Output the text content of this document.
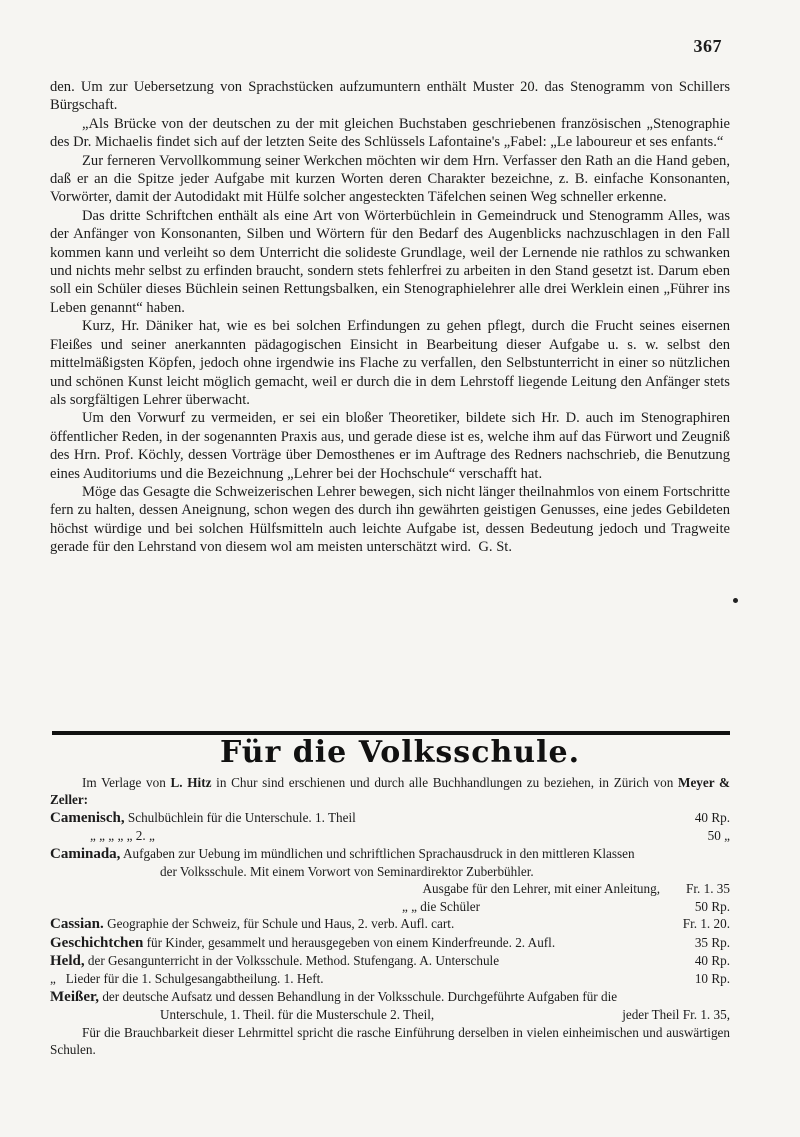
367

den. Um zur Uebersetzung von Sprachstücken aufzumuntern enthält Muster 20. das Stenogramm von Schillers Bürgschaft.

„Als Brücke von der deutschen zu der mit gleichen Buchstaben geschriebenen französischen „Stenographie des Dr. Michaelis findet sich auf der letzten Seite des Schlüssels Lafontaine's „Fabel: „Le laboureur et ses enfants.“

Zur ferneren Vervollkommung seiner Werkchen möchten wir dem Hrn. Verfasser den Rath an die Hand geben, daß er an die Spitze jeder Aufgabe mit kurzen Worten deren Charakter bezeichne, z. B. einfache Konsonanten, Vorwörter, damit der Autodidakt mit Hülfe solcher angesteckten Täfelchen seinen Weg schneller erkenne.

Das dritte Schriftchen enthält als eine Art von Wörterbüchlein in Gemeindruck und Stenogramm Alles, was der Anfänger von Konsonanten, Silben und Wörtern für den Bedarf des Augenblicks nachzuschlagen in den Fall kommen kann und verleiht so dem Unterricht die solideste Grundlage, weil der Lernende nie rathlos zu schwanken und nichts mehr selbst zu erfinden braucht, sondern stets fehlerfrei zu arbeiten in den Stand gesetzt ist. Darum eben soll ein Schüler dieses Büchlein seinen Rettungsbalken, ein Stenographielehrer alle drei Werklein einen „Führer ins Leben genannt“ haben.

Kurz, Hr. Däniker hat, wie es bei solchen Erfindungen zu gehen pflegt, durch die Frucht seines eisernen Fleißes und seiner anerkannten pädagogischen Einsicht in Bearbeitung dieser Aufgabe u. s. w. selbst den mittelmäßigsten Köpfen, jedoch ohne irgendwie ins Flache zu verfallen, den Selbstunterricht in einer so nützlichen und schönen Kunst leicht möglich gemacht, weil er durch die in dem Lehrstoff liegende Leitung den Anfänger stets als sorgfältigen Lehrer überwacht.

Um den Vorwurf zu vermeiden, er sei ein bloßer Theoretiker, bildete sich Hr. D. auch im Stenographiren öffentlicher Reden, in der sogenannten Praxis aus, und gerade diese ist es, welche ihm auf das Fürwort und Zeugniß des Hrn. Prof. Köchly, dessen Vorträge über Demosthenes er im Auftrage des Redners nachschrieb, die Benutzung eines Auditoriums und die Bezeichnung „Lehrer bei der Hochschule“ verschafft hat.

Möge das Gesagte die Schweizerischen Lehrer bewegen, sich nicht länger theilnahmlos von einem Fortschritte fern zu halten, dessen Aneignung, schon wegen des durch ihn gewährten geistigen Genusses, eine jedes Gebildeten höchst würdige und bei solchen Hülfsmitteln auch leichte Aufgabe ist, dessen Bedeutung jedoch und Tragweite gerade für den Lehrstand von diesem wol am meisten unterschätzt wird. G. St.

Für die Volksschule.
Im Verlage von L. Hitz in Chur sind erschienen und durch alle Buchhandlungen zu beziehen, in Zürich von Meyer & Zeller:
Camenisch, Schulbüchlein für die Unterschule. 1. Theil	40 Rp.
„ „ „ „ „ 2. „	50 „
Caminada, Aufgaben zur Uebung im mündlichen und schriftlichen Sprachausdruck in den mittleren Klassen
der Volksschule. Mit einem Vorwort von Seminardirektor Zuberbühler.
Ausgabe für den Lehrer, mit einer Anleitung,	Fr. 1. 35
„ „ die Schüler	50 Rp.
Cassian. Geographie der Schweiz, für Schule und Haus, 2. verb. Aufl. cart.	Fr. 1. 20.
Geschichtchen für Kinder, gesammelt und herausgegeben von einem Kinderfreunde. 2. Aufl.	35 Rp.
Held, der Gesangunterricht in der Volksschule. Method. Stufengang. A. Unterschule	40 Rp.
„ Lieder für die 1. Schulgesangabtheilung. 1. Heft.	10 Rp.
Meißer, der deutsche Aufsatz und dessen Behandlung in der Volksschule. Durchgeführte Aufgaben für die
Unterschule, 1. Theil. für die Musterschule 2. Theil,	jeder Theil Fr. 1. 35,
Für die Brauchbarkeit dieser Lehrmittel spricht die rasche Einführung derselben in vielen einheimischen und auswärtigen Schulen.
